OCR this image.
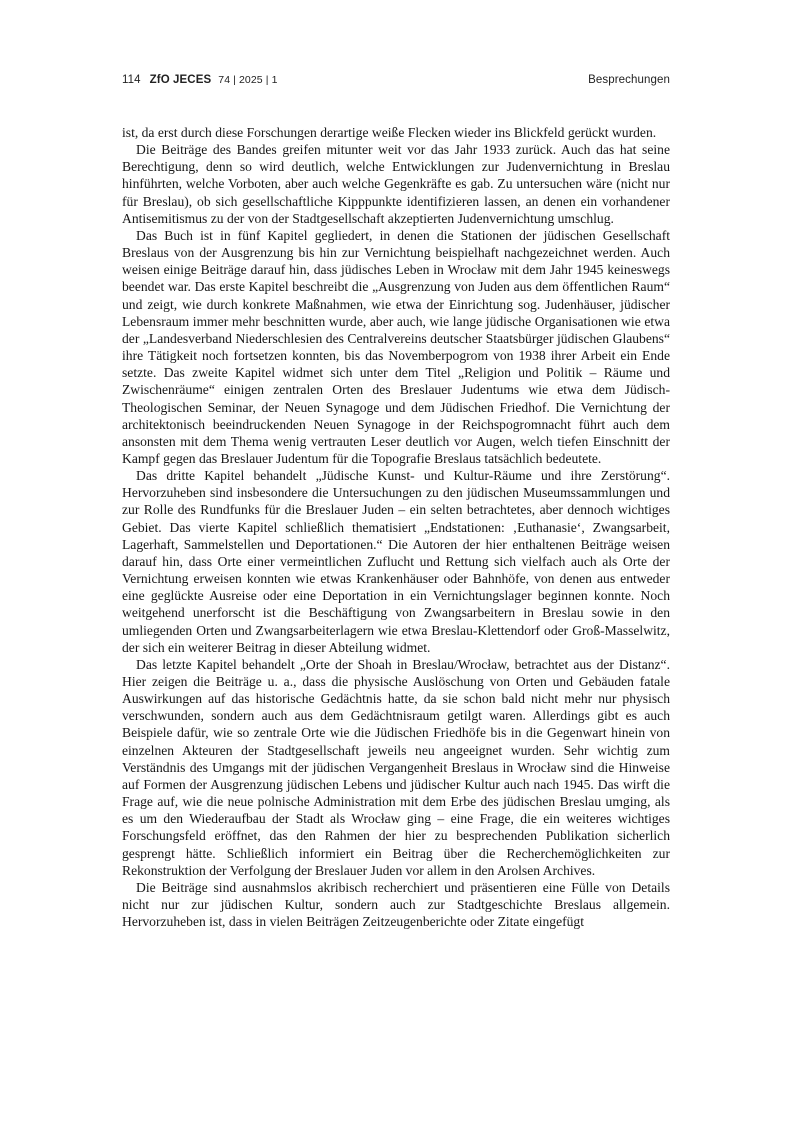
114 ZfO JECES 74 | 2025 | 1	Besprechungen

ist, da erst durch diese Forschungen derartige weiße Flecken wieder ins Blickfeld gerückt wurden.

Die Beiträge des Bandes greifen mitunter weit vor das Jahr 1933 zurück. Auch das hat seine Berechtigung, denn so wird deutlich, welche Entwicklungen zur Judenvernichtung in Breslau hinführten, welche Vorboten, aber auch welche Gegenkräfte es gab. Zu untersuchen wäre (nicht nur für Breslau), ob sich gesellschaftliche Kipppunkte identifizieren lassen, an denen ein vorhandener Antisemitismus zu der von der Stadtgesellschaft akzeptierten Judenvernichtung umschlug.

Das Buch ist in fünf Kapitel gegliedert, in denen die Stationen der jüdischen Gesellschaft Breslaus von der Ausgrenzung bis hin zur Vernichtung beispielhaft nachgezeichnet werden. Auch weisen einige Beiträge darauf hin, dass jüdisches Leben in Wrocław mit dem Jahr 1945 keineswegs beendet war. Das erste Kapitel beschreibt die „Ausgrenzung von Juden aus dem öffentlichen Raum“ und zeigt, wie durch konkrete Maßnahmen, wie etwa der Einrichtung sog. Judenhäuser, jüdischer Lebensraum immer mehr beschnitten wurde, aber auch, wie lange jüdische Organisationen wie etwa der „Landesverband Niederschlesien des Centralvereins deutscher Staatsbürger jüdischen Glaubens“ ihre Tätigkeit noch fortsetzen konnten, bis das Novemberpogrom von 1938 ihrer Arbeit ein Ende setzte. Das zweite Kapitel widmet sich unter dem Titel „Religion und Politik – Räume und Zwischenräume“ einigen zentralen Orten des Breslauer Judentums wie etwa dem Jüdisch-Theologischen Seminar, der Neuen Synagoge und dem Jüdischen Friedhof. Die Vernichtung der architektonisch beeindruckenden Neuen Synagoge in der Reichspogromnacht führt auch dem ansonsten mit dem Thema wenig vertrauten Leser deutlich vor Augen, welch tiefen Einschnitt der Kampf gegen das Breslauer Judentum für die Topografie Breslaus tatsächlich bedeutete.

Das dritte Kapitel behandelt „Jüdische Kunst- und Kultur-Räume und ihre Zerstörung“. Hervorzuheben sind insbesondere die Untersuchungen zu den jüdischen Museumssammlungen und zur Rolle des Rundfunks für die Breslauer Juden – ein selten betrachtetes, aber dennoch wichtiges Gebiet. Das vierte Kapitel schließlich thematisiert „Endstationen: ‚Euthanasie‘, Zwangsarbeit, Lagerhaft, Sammelstellen und Deportationen.“ Die Autoren der hier enthaltenen Beiträge weisen darauf hin, dass Orte einer vermeintlichen Zuflucht und Rettung sich vielfach auch als Orte der Vernichtung erweisen konnten wie etwas Krankenhäuser oder Bahnhöfe, von denen aus entweder eine geglückte Ausreise oder eine Deportation in ein Vernichtungslager beginnen konnte. Noch weitgehend unerforscht ist die Beschäftigung von Zwangsarbeitern in Breslau sowie in den umliegenden Orten und Zwangsarbeiterlagern wie etwa Breslau-Klettendorf oder Groß-Masselwitz, der sich ein weiterer Beitrag in dieser Abteilung widmet.

Das letzte Kapitel behandelt „Orte der Shoah in Breslau/Wrocław, betrachtet aus der Distanz“. Hier zeigen die Beiträge u. a., dass die physische Auslöschung von Orten und Gebäuden fatale Auswirkungen auf das historische Gedächtnis hatte, da sie schon bald nicht mehr nur physisch verschwunden, sondern auch aus dem Gedächtnisraum getilgt waren. Allerdings gibt es auch Beispiele dafür, wie so zentrale Orte wie die Jüdischen Friedhöfe bis in die Gegenwart hinein von einzelnen Akteuren der Stadtgesellschaft jeweils neu angeeignet wurden. Sehr wichtig zum Verständnis des Umgangs mit der jüdischen Vergangenheit Breslaus in Wrocław sind die Hinweise auf Formen der Ausgrenzung jüdischen Lebens und jüdischer Kultur auch nach 1945. Das wirft die Frage auf, wie die neue polnische Administration mit dem Erbe des jüdischen Breslau umging, als es um den Wiederaufbau der Stadt als Wrocław ging – eine Frage, die ein weiteres wichtiges Forschungsfeld eröffnet, das den Rahmen der hier zu besprechenden Publikation sicherlich gesprengt hätte. Schließlich informiert ein Beitrag über die Recherchemöglichkeiten zur Rekonstruktion der Verfolgung der Breslauer Juden vor allem in den Arolsen Archives.

Die Beiträge sind ausnahmslos akribisch recherchiert und präsentieren eine Fülle von Details nicht nur zur jüdischen Kultur, sondern auch zur Stadtgeschichte Breslaus allgemein. Hervorzuheben ist, dass in vielen Beiträgen Zeitzeugenberichte oder Zitate eingefügt
